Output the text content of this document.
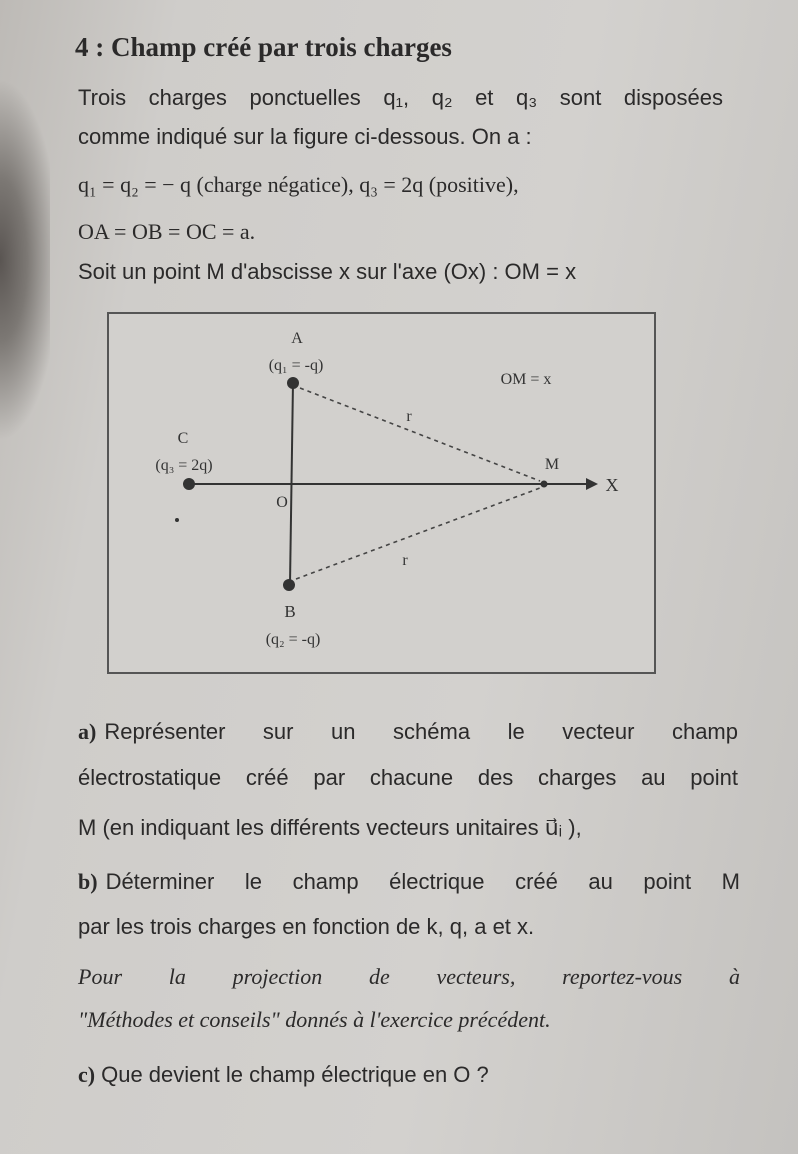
4 : Champ créé par trois charges
Trois charges ponctuelles q₁, q₂ et q₃ sont disposées
comme indiqué sur la figure ci-dessous. On a :
q₁ = q₂ = − q (charge négatice), q₃ = 2q (positive),
OA = OB = OC = a.
Soit un point M d'abscisse x sur l'axe (Ox) : OM = x
A
(q₁ = -q)
OM = x
r
C
(q₃ = 2q)	M
X
O
r
B
(q₂ = -q)
a) Représenter sur un schéma le vecteur champ
électrostatique créé par chacune des charges au point
M (en indiquant les différents vecteurs unitaires u⃗ᵢ ),
b) Déterminer le champ électrique créé au point M
par les trois charges en fonction de k, q, a et x.
Pour la projection de vecteurs, reportez-vous à
"Méthodes et conseils" donnés à l'exercice précédent.
c) Que devient le champ électrique en O ?
